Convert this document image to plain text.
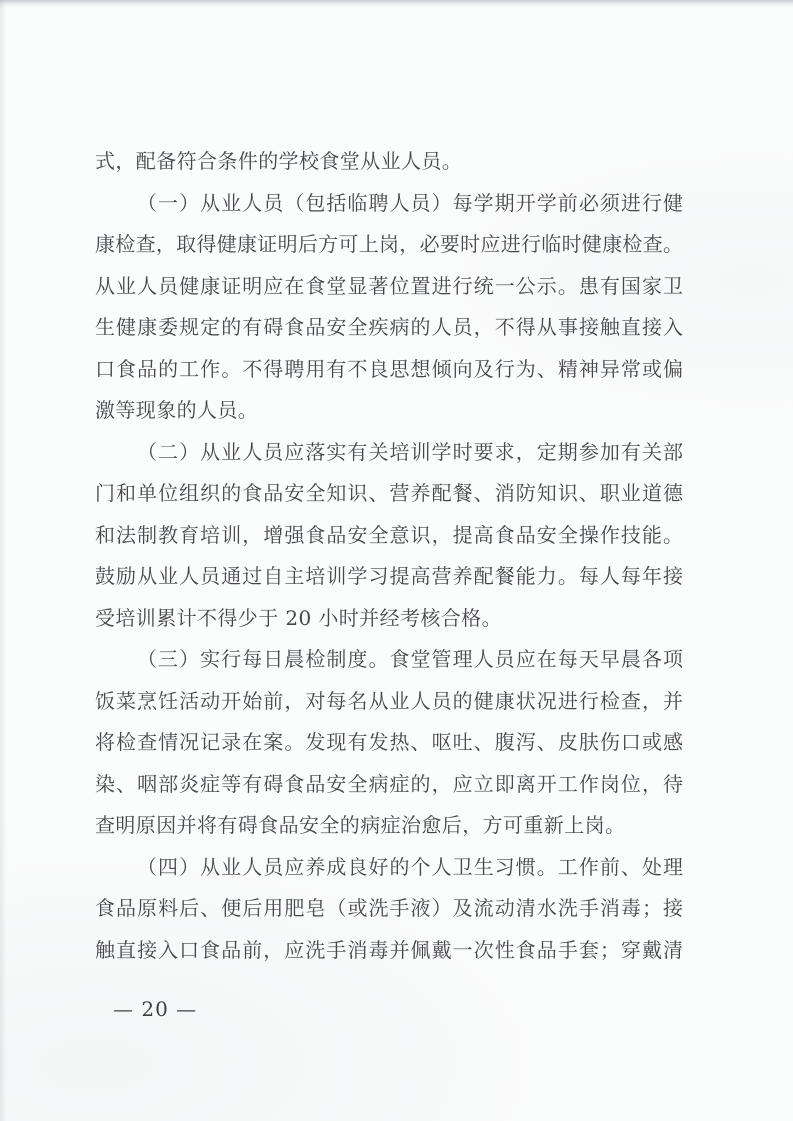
式，配备符合条件的学校食堂从业人员。
（一）从业人员（包括临聘人员）每学期开学前必须进行健
康检查，取得健康证明后方可上岗，必要时应进行临时健康检查。
从业人员健康证明应在食堂显著位置进行统一公示。患有国家卫
生健康委规定的有碍食品安全疾病的人员，不得从事接触直接入
口食品的工作。不得聘用有不良思想倾向及行为、精神异常或偏
激等现象的人员。
（二）从业人员应落实有关培训学时要求，定期参加有关部
门和单位组织的食品安全知识、营养配餐、消防知识、职业道德
和法制教育培训，增强食品安全意识，提高食品安全操作技能。
鼓励从业人员通过自主培训学习提高营养配餐能力。每人每年接
受培训累计不得少于 20 小时并经考核合格。
（三）实行每日晨检制度。食堂管理人员应在每天早晨各项
饭菜烹饪活动开始前，对每名从业人员的健康状况进行检查，并
将检查情况记录在案。发现有发热、呕吐、腹泻、皮肤伤口或感
染、咽部炎症等有碍食品安全病症的，应立即离开工作岗位，待
查明原因并将有碍食品安全的病症治愈后，方可重新上岗。
（四）从业人员应养成良好的个人卫生习惯。工作前、处理
食品原料后、便后用肥皂（或洗手液）及流动清水洗手消毒；接
触直接入口食品前，应洗手消毒并佩戴一次性食品手套；穿戴清
— 20 —
